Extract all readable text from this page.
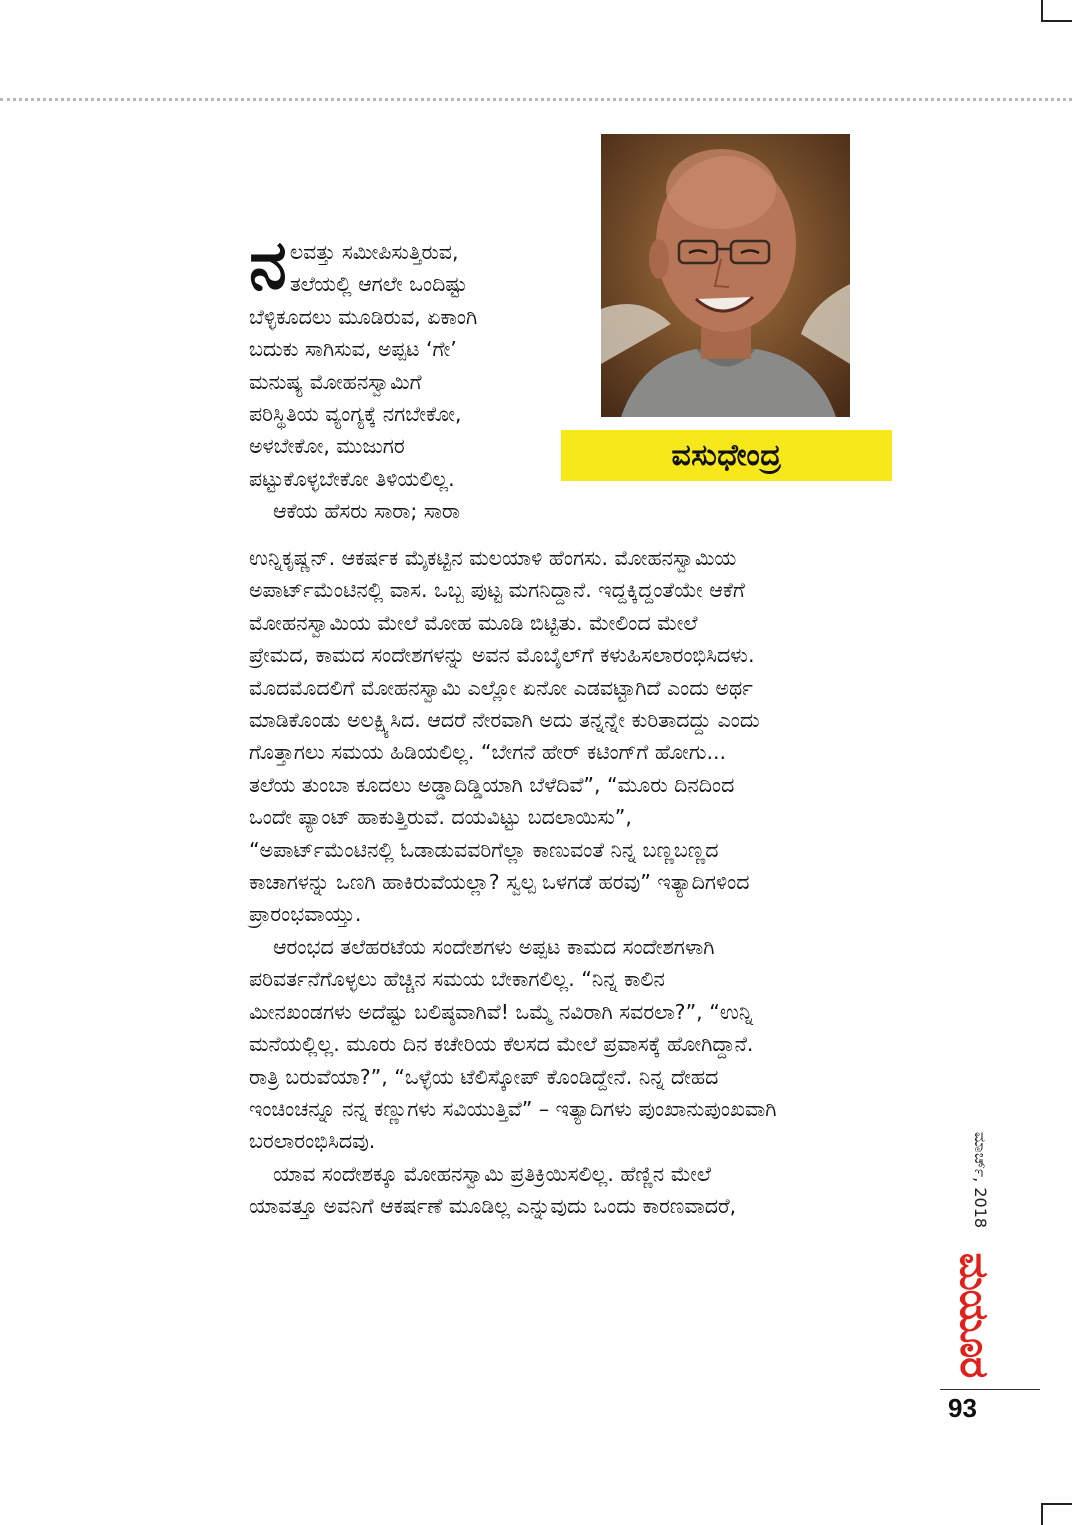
ವಸುಧೇಂದ್ರ
ನ ಲವತ್ತು ಸಮೀಪಿಸುತ್ತಿರುವ,
ತಲೆಯಲ್ಲಿ ಆಗಲೇ ಒಂದಿಷ್ಟು
ಬೆಳ್ಳಿಕೂದಲು ಮೂಡಿರುವ, ಏಕಾಂಗಿ
ಬದುಕು ಸಾಗಿಸುವ, ಅಪ್ಪಟ ‘ಗೇ’
ಮನುಷ್ಯ ಮೋಹನಸ್ವಾಮಿಗೆ
ಪರಿಸ್ಥಿತಿಯ ವ್ಯಂಗ್ಯಕ್ಕೆ ನಗಬೇಕೋ,
ಅಳಬೇಕೋ, ಮುಜುಗರ
ಪಟ್ಟುಕೊಳ್ಳಬೇಕೋ ತಿಳಿಯಲಿಲ್ಲ.
ಆಕೆಯ ಹೆಸರು ಸಾರಾ; ಸಾರಾ
ಉನ್ನಿಕೃಷ್ಣನ್. ಆಕರ್ಷಕ ಮೈಕಟ್ಟಿನ ಮಲಯಾಳಿ ಹೆಂಗಸು. ಮೋಹನಸ್ವಾಮಿಯ
ಅಪಾರ್ಟ್‌ಮೆಂಟಿನಲ್ಲಿ ವಾಸ. ಒಬ್ಬ ಪುಟ್ಟ ಮಗನಿದ್ದಾನೆ. ಇದ್ದಕ್ಕಿದ್ದಂತೆಯೇ ಆಕೆಗೆ
ಮೋಹನಸ್ವಾಮಿಯ ಮೇಲೆ ಮೋಹ ಮೂಡಿ ಬಿಟ್ಟಿತು. ಮೇಲಿಂದ ಮೇಲೆ
ಪ್ರೇಮದ, ಕಾಮದ ಸಂದೇಶಗಳನ್ನು ಅವನ ಮೊಬೈಲ್‌ಗೆ ಕಳುಹಿಸಲಾರಂಭಿಸಿದಳು.
ಮೊದಮೊದಲಿಗೆ ಮೋಹನಸ್ವಾಮಿ ಎಲ್ಲೋ ಏನೋ ಎಡವಟ್ಟಾಗಿದೆ ಎಂದು ಅರ್ಥ
ಮಾಡಿಕೊಂಡು ಅಲಕ್ಷ್ಯಿಸಿದ. ಆದರೆ ನೇರವಾಗಿ ಅದು ತನ್ನನ್ನೇ ಕುರಿತಾದದ್ದು ಎಂದು
ಗೊತ್ತಾಗಲು ಸಮಯ ಹಿಡಿಯಲಿಲ್ಲ. “ಬೇಗನೆ ಹೇರ್ ಕಟಿಂಗ್‌ಗೆ ಹೋಗು...
ತಲೆಯ ತುಂಬಾ ಕೂದಲು ಅಡ್ಡಾದಿಡ್ಡಿಯಾಗಿ ಬೆಳೆದಿವೆ”, “ಮೂರು ದಿನದಿಂದ
ಒಂದೇ ಪ್ಯಾಂಟ್ ಹಾಕುತ್ತಿರುವೆ. ದಯವಿಟ್ಟು ಬದಲಾಯಿಸು”,
“ಅಪಾರ್ಟ್‌ಮೆಂಟಿನಲ್ಲಿ ಓಡಾಡುವವರಿಗೆಲ್ಲಾ ಕಾಣುವಂತೆ ನಿನ್ನ ಬಣ್ಣಬಣ್ಣದ
ಕಾಚಾಗಳನ್ನು ಒಣಗಿ ಹಾಕಿರುವೆಯಲ್ಲಾ? ಸ್ವಲ್ಪ ಒಳಗಡೆ ಹರವು” ಇತ್ಯಾದಿಗಳಿಂದ
ಪ್ರಾರಂಭವಾಯ್ತು.
ಆರಂಭದ ತಲೆಹರಟೆಯ ಸಂದೇಶಗಳು ಅಪ್ಪಟ ಕಾಮದ ಸಂದೇಶಗಳಾಗಿ
ಪರಿವರ್ತನೆಗೊಳ್ಳಲು ಹೆಚ್ಚಿನ ಸಮಯ ಬೇಕಾಗಲಿಲ್ಲ. “ನಿನ್ನ ಕಾಲಿನ
ಮೀನಖಂಡಗಳು ಅದೆಷ್ಟು ಬಲಿಷ್ಠವಾಗಿವೆ! ಒಮ್ಮೆ ನವಿರಾಗಿ ಸವರಲಾ?”, “ಉನ್ನಿ
ಮನೆಯಲ್ಲಿಲ್ಲ. ಮೂರು ದಿನ ಕಚೇರಿಯ ಕೆಲಸದ ಮೇಲೆ ಪ್ರವಾಸಕ್ಕೆ ಹೋಗಿದ್ದಾನೆ.
ರಾತ್ರಿ ಬರುವೆಯಾ?”, “ಒಳ್ಳೆಯ ಟೆಲಿಸ್ಕೋಪ್ ಕೊಂಡಿದ್ದೇನೆ. ನಿನ್ನ ದೇಹದ
ಇಂಚಿಂಚನ್ನೂ ನನ್ನ ಕಣ್ಣುಗಳು ಸವಿಯುತ್ತಿವೆ” – ಇತ್ಯಾದಿಗಳು ಪುಂಖಾನುಪುಂಖವಾಗಿ
ಬರಲಾರಂಭಿಸಿದವು.
ಯಾವ ಸಂದೇಶಕ್ಕೂ ಮೋಹನಸ್ವಾಮಿ ಪ್ರತಿಕ್ರಿಯಿಸಲಿಲ್ಲ. ಹೆಣ್ಣಿನ ಮೇಲೆ
ಯಾವತ್ತೂ ಅವನಿಗೆ ಆಕರ್ಷಣೆ ಮೂಡಿಲ್ಲ ಎನ್ನುವುದು ಒಂದು ಕಾರಣವಾದರೆ,	ಮಾರ್ಚ್, 2018
ಮಯೂರ
93
